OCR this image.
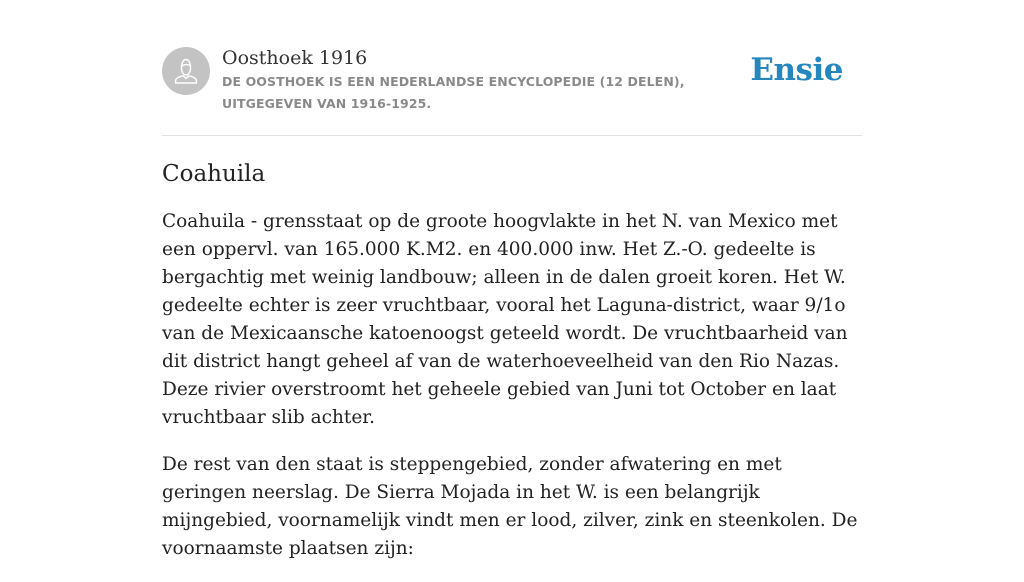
Oosthoek 1916

DE OOSTHOEK IS EEN NEDERLANDSE ENCYCLOPEDIE (12 DELEN), UITGEGEVEN VAN 1916-1925.
Ensie
Coahuila

Coahuila - grensstaat op de groote hoogvlakte in het N. van Mexico met een oppervl. van 165.000 K.M2. en 400.000 inw. Het Z.-O. gedeelte is bergachtig met weinig landbouw; alleen in de dalen groeit koren. Het W. gedeelte echter is zeer vruchtbaar, vooral het Laguna-district, waar 9/1o van de Mexicaansche katoenoogst geteeld wordt. De vruchtbaarheid van dit district hangt geheel af van de waterhoeveelheid van den Rio Nazas. Deze rivier overstroomt het geheele gebied van Juni tot October en laat vruchtbaar slib achter.

De rest van den staat is steppengebied, zonder afwatering en met geringen neerslag. De Sierra Mojada in het W. is een belangrijk mijngebied, voornamelijk vindt men er lood, zilver, zink en steenkolen. De voornaamste plaatsen zijn:
